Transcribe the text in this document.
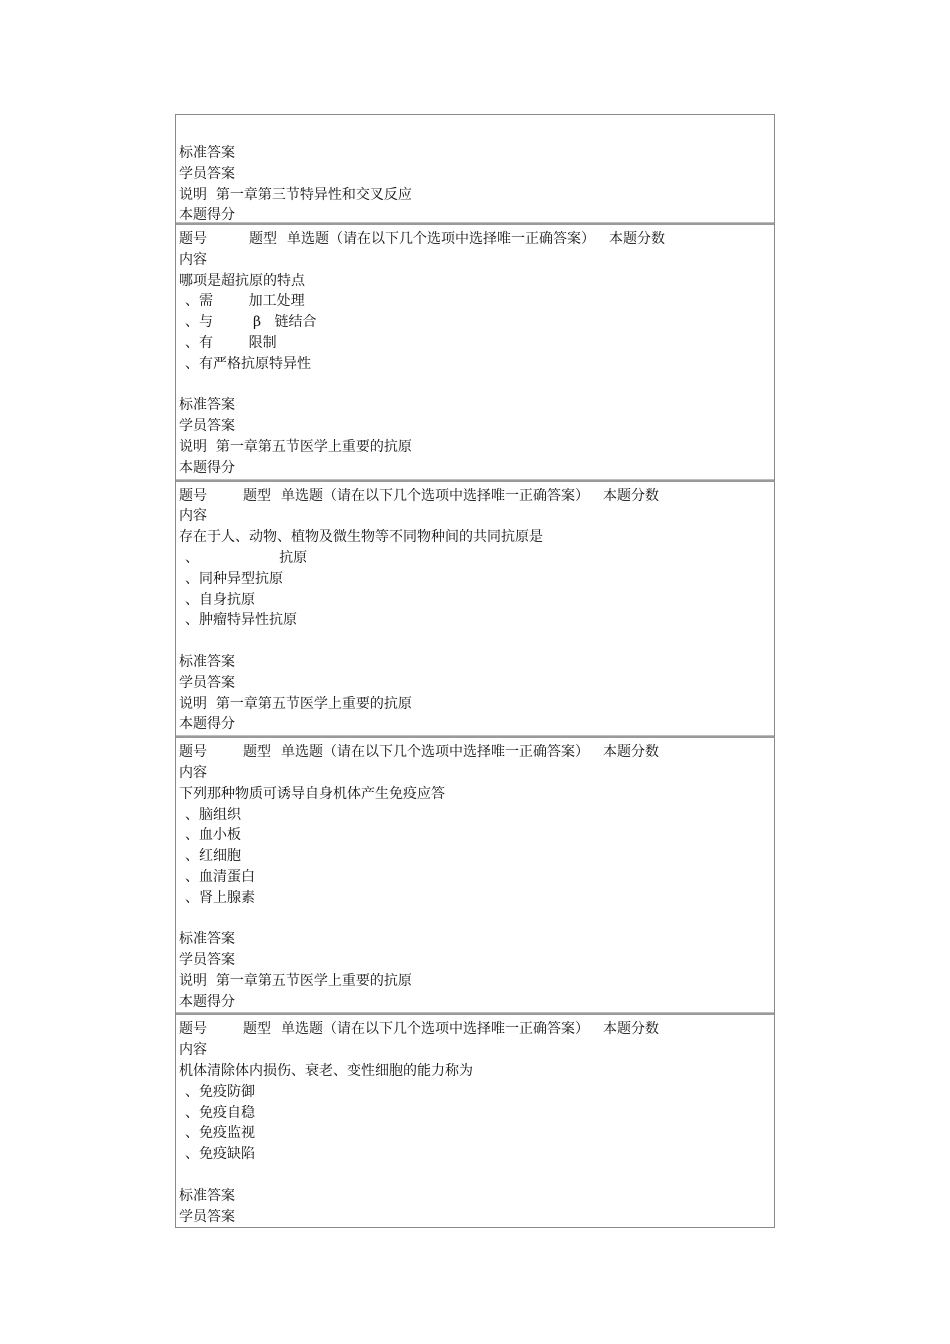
标准答案
学员答案
说明 第一章第三节特异性和交叉反应
本题得分
题号	题型 单选题（请在以下几个选项中选择唯一正确答案） 本题分数
内容
哪项是超抗原的特点
、需        加工处理
、与         β   链结合
、有        限制
、有严格抗原特异性
标准答案
学员答案
说明 第一章第五节医学上重要的抗原
本题得分
题号	题型 单选题（请在以下几个选项中选择唯一正确答案） 本题分数
内容
存在于人、动物、植物及微生物等不同物种间的共同抗原是
、                  抗原
、同种异型抗原
、自身抗原
、肿瘤特异性抗原
标准答案
学员答案
说明 第一章第五节医学上重要的抗原
本题得分
题号	题型 单选题（请在以下几个选项中选择唯一正确答案） 本题分数
内容
下列那种物质可诱导自身机体产生免疫应答
、脑组织
、血小板
、红细胞
、血清蛋白
、肾上腺素
标准答案
学员答案
说明 第一章第五节医学上重要的抗原
本题得分
题号	题型 单选题（请在以下几个选项中选择唯一正确答案） 本题分数
内容
机体清除体内损伤、衰老、变性细胞的能力称为
、免疫防御
、免疫自稳
、免疫监视
、免疫缺陷
标准答案
学员答案
